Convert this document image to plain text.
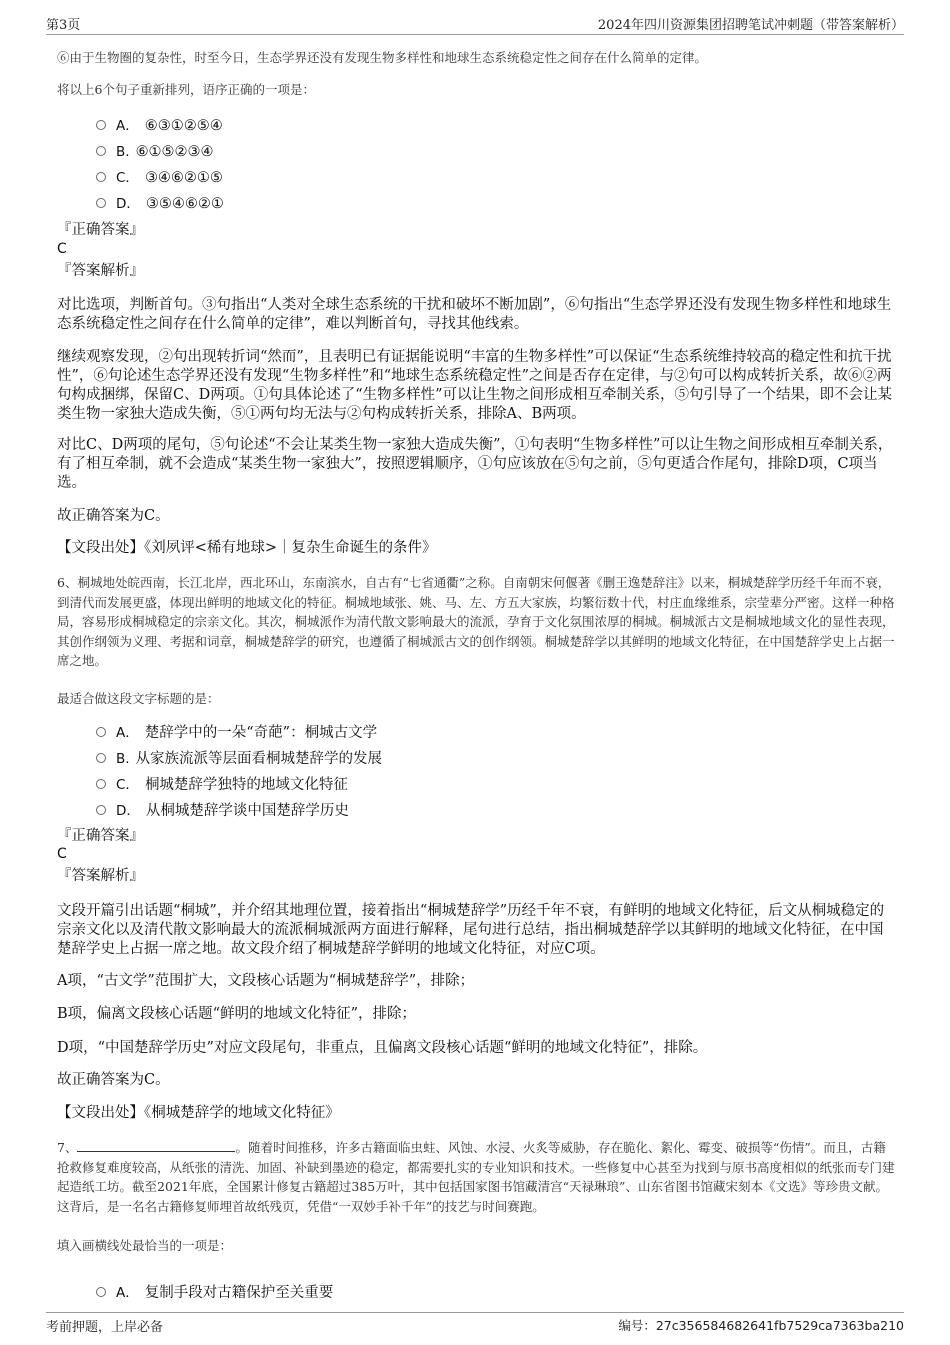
第3页	2024年四川资源集团招聘笔试冲刺题（带答案解析）

⑥由于生物圈的复杂性，时至今日，生态学界还没有发现生物多样性和地球生态系统稳定性之间存在什么简单的定律。

将以上6个句子重新排列，语序正确的一项是：

A． ⑥③①②⑤④
B. ⑥①⑤②③④
C． ③④⑥②①⑤
D． ③⑤④⑥②①

『正确答案』

C

『答案解析』

对比选项，判断首句。③句指出“人类对全球生态系统的干扰和破坏不断加剧”，⑥句指出“生态学界还没有发现生物多样性和地球生态系统稳定性之间存在什么简单的定律”，难以判断首句，寻找其他线索。

继续观察发现，②句出现转折词“然而”，且表明已有证据能说明“丰富的生物多样性”可以保证“生态系统维持较高的稳定性和抗干扰性”，⑥句论述生态学界还没有发现“生物多样性”和“地球生态系统稳定性”之间是否存在定律，与②句可以构成转折关系，故⑥②两句构成捆绑，保留C、D两项。①句具体论述了“生物多样性”可以让生物之间形成相互牵制关系，⑤句引导了一个结果，即不会让某类生物一家独大造成失衡，⑤①两句均无法与②句构成转折关系，排除A、B两项。

对比C、D两项的尾句，⑤句论述“不会让某类生物一家独大造成失衡”，①句表明“生物多样性”可以让生物之间形成相互牵制关系，有了相互牵制，就不会造成“某类生物一家独大”，按照逻辑顺序，①句应该放在⑤句之前，⑤句更适合作尾句，排除D项，C项当选。

故正确答案为C。

【文段出处】《刘夙评<稀有地球>｜复杂生命诞生的条件》

6、桐城地处皖西南，长江北岸，西北环山，东南滨水，自古有“七省通衢”之称。自南朝宋何偃著《删王逸楚辞注》以来，桐城楚辞学历经千年而不衰，到清代而发展更盛，体现出鲜明的地域文化的特征。桐城地域张、姚、马、左、方五大家族，均繁衍数十代，村庄血缘维系，宗莹辈分严密。这样一种格局，容易形成桐城稳定的宗亲文化。其次，桐城派作为清代散文影响最大的流派，孕育于文化氛围浓厚的桐城。桐城派古文是桐城地域文化的显性表现，其创作纲领为义理、考据和词章，桐城楚辞学的研究，也遵循了桐城派古文的创作纲领。桐城楚辞学以其鲜明的地域文化特征，在中国楚辞学史上占据一席之地。

最适合做这段文字标题的是：

A． 楚辞学中的一朵“奇葩”：桐城古文学
B. 从家族流派等层面看桐城楚辞学的发展
C． 桐城楚辞学独特的地域文化特征
D． 从桐城楚辞学谈中国楚辞学历史

『正确答案』

C

『答案解析』

文段开篇引出话题“桐城”，并介绍其地理位置，接着指出“桐城楚辞学”历经千年不衰，有鲜明的地域文化特征，后文从桐城稳定的宗亲文化以及清代散文影响最大的流派桐城派两方面进行解释，尾句进行总结，指出桐城楚辞学以其鲜明的地域文化特征，在中国楚辞学史上占据一席之地。故文段介绍了桐城楚辞学鲜明的地域文化特征，对应C项。

A项，“古文学”范围扩大，文段核心话题为“桐城楚辞学”，排除；

B项，偏离文段核心话题“鲜明的地域文化特征”，排除；

D项，“中国楚辞学历史”对应文段尾句，非重点，且偏离文段核心话题“鲜明的地域文化特征”，排除。

故正确答案为C。

【文段出处】《桐城楚辞学的地域文化特征》

7、	。随着时间推移，许多古籍面临虫蛀、风蚀、水浸、火炙等威胁，存在脆化、絮化、霉变、破损等“伤情”。而且，古籍抢救修复难度较高，从纸张的清洗、加固、补缺到墨迹的稳定，都需要扎实的专业知识和技术。一些修复中心甚至为找到与原书高度相似的纸张而专门建起造纸工坊。截至2021年底，全国累计修复古籍超过385万叶，其中包括国家图书馆藏清宫“天禄琳琅”、山东省图书馆藏宋刻本《文选》等珍贵文献。这背后，是一名名古籍修复师埋首故纸残页，凭借“一双妙手补千年”的技艺与时间赛跑。

填入画横线处最恰当的一项是：

A． 复制手段对古籍保护至关重要
考前押题，上岸必备	编号：27c356584682641fb7529ca7363ba210
